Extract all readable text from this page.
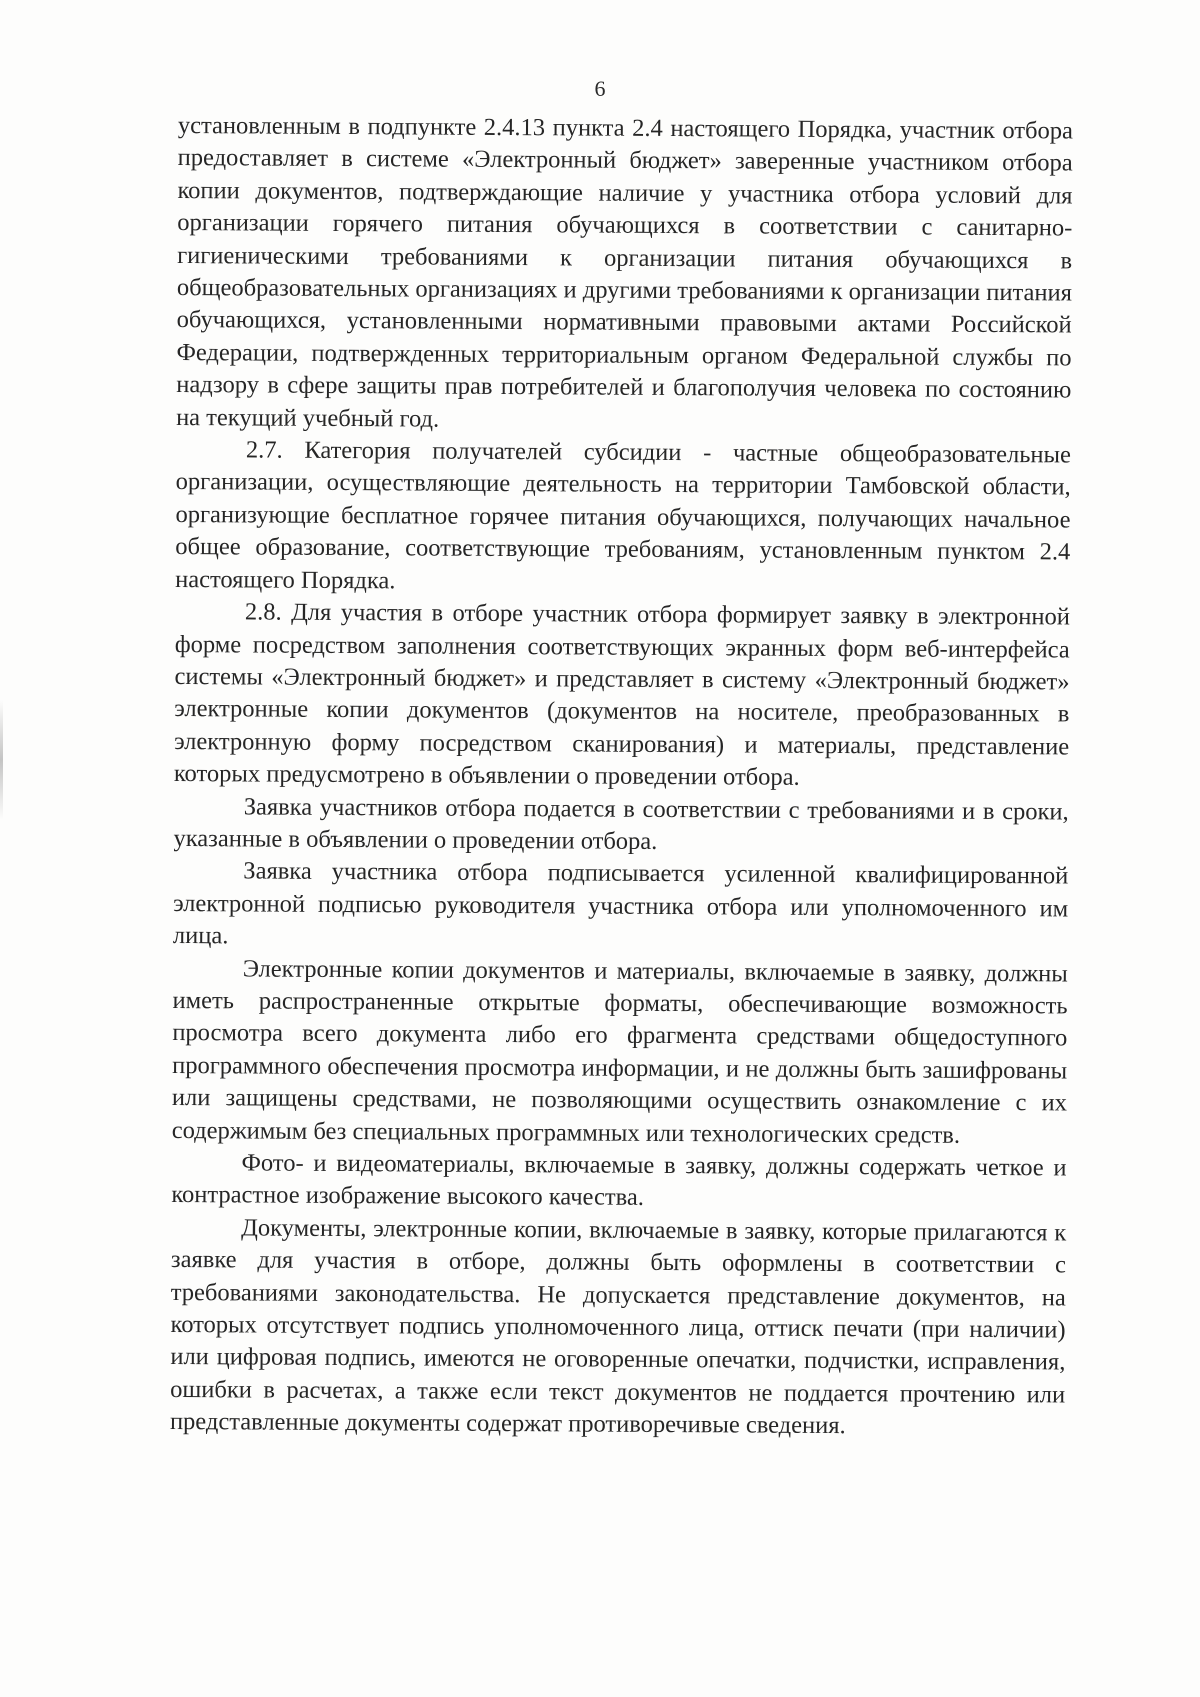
6

установленным в подпункте 2.4.13 пункта 2.4 настоящего Порядка, участник отбора предоставляет в системе «Электронный бюджет» заверенные участником отбора копии документов, подтверждающие наличие у участника отбора условий для организации горячего питания обучающихся в соответствии с санитарно-гигиеническими требованиями к организации питания обучающихся в общеобразовательных организациях и другими требованиями к организации питания обучающихся, установленными нормативными правовыми актами Российской Федерации, подтвержденных территориальным органом Федеральной службы по надзору в сфере защиты прав потребителей и благополучия человека по состоянию на текущий учебный год.

2.7. Категория получателей субсидии - частные общеобразовательные организации, осуществляющие деятельность на территории Тамбовской области, организующие бесплатное горячее питания обучающихся, получающих начальное общее образование, соответствующие требованиям, установленным пунктом 2.4 настоящего Порядка.

2.8. Для участия в отборе участник отбора формирует заявку в электронной форме посредством заполнения соответствующих экранных форм веб-интерфейса системы «Электронный бюджет» и представляет в систему «Электронный бюджет» электронные копии документов (документов на носителе, преобразованных в электронную форму посредством сканирования) и материалы, представление которых предусмотрено в объявлении о проведении отбора.

Заявка участников отбора подается в соответствии с требованиями и в сроки, указанные в объявлении о проведении отбора.

Заявка участника отбора подписывается усиленной квалифицированной электронной подписью руководителя участника отбора или уполномоченного им лица.

Электронные копии документов и материалы, включаемые в заявку, должны иметь распространенные открытые форматы, обеспечивающие возможность просмотра всего документа либо его фрагмента средствами общедоступного программного обеспечения просмотра информации, и не должны быть зашифрованы или защищены средствами, не позволяющими осуществить ознакомление с их содержимым без специальных программных или технологических средств.

Фото- и видеоматериалы, включаемые в заявку, должны содержать четкое и контрастное изображение высокого качества.

Документы, электронные копии, включаемые в заявку, которые прилагаются к заявке для участия в отборе, должны быть оформлены в соответствии с требованиями законодательства. Не допускается представление документов, на которых отсутствует подпись уполномоченного лица, оттиск печати (при наличии) или цифровая подпись, имеются не оговоренные опечатки, подчистки, исправления, ошибки в расчетах, а также если текст документов не поддается прочтению или представленные документы содержат противоречивые сведения.
